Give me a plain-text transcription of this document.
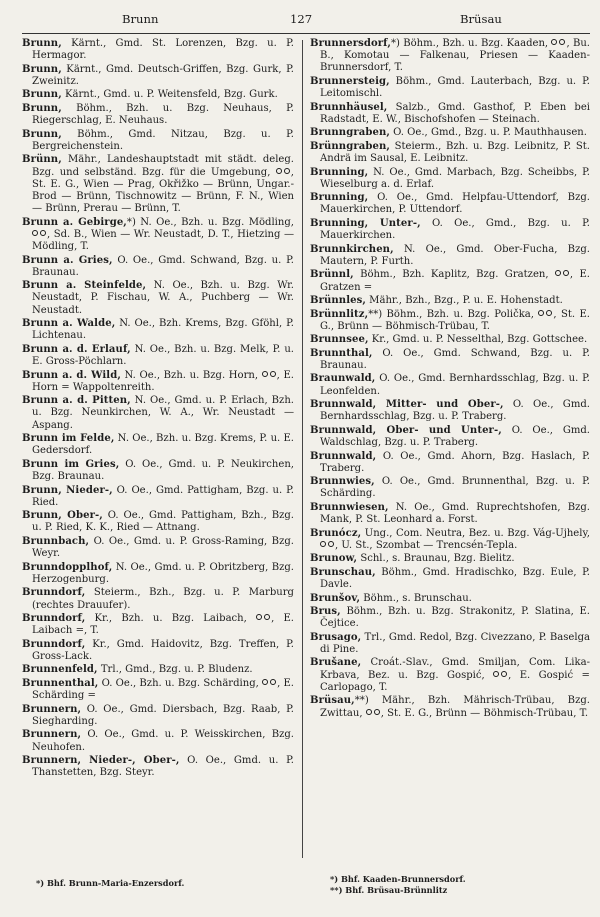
Brunn	127	Brüsau
Brunn, Kärnt., Gmd. St. Lorenzen, Bzg. u. P. Hermagor.
Brunn, Kärnt., Gmd. Deutsch-Griffen, Bzg. Gurk, P. Zweinitz.
Brunn, Kärnt., Gmd. u. P. Weitensfeld, Bzg. Gurk.
Brunn, Böhm., Bzh. u. Bzg. Neuhaus, P. Riegerschlag, E. Neuhaus.
Brunn, Böhm., Gmd. Nitzau, Bzg. u. P. Bergreichenstein.
Brünn, Mähr., Landeshauptstadt mit städt. deleg. Bzg. und selbständ. Bzg. für die Umgebung, , St. E. G., Wien — Prag, Okřižko — Brünn, Ungar.-Brod — Brünn, Tischnowitz — Brünn, F. N., Wien — Brünn, Prerau — Brünn, T.
Brunn a. Gebirge,*) N. Oe., Bzh. u. Bzg. Mödling, , Sd. B., Wien — Wr. Neustadt, D. T., Hietzing — Mödling, T.
Brunn a. Gries, O. Oe., Gmd. Schwand, Bzg. u. P. Braunau.
Brunn a. Steinfelde, N. Oe., Bzh. u. Bzg. Wr. Neustadt, P. Fischau, W. A., Puchberg — Wr. Neustadt.
Brunn a. Walde, N. Oe., Bzh. Krems, Bzg. Gföhl, P. Lichtenau.
Brunn a. d. Erlauf, N. Oe., Bzh. u. Bzg. Melk, P. u. E. Gross-Pöchlarn.
Brunn a. d. Wild, N. Oe., Bzh. u. Bzg. Horn, , E. Horn = Wappoltenreith.
Brunn a. d. Pitten, N. Oe., Gmd. u. P. Erlach, Bzh. u. Bzg. Neunkirchen, W. A., Wr. Neustadt — Aspang.
Brunn im Felde, N. Oe., Bzh. u. Bzg. Krems, P. u. E. Gedersdorf.
Brunn im Gries, O. Oe., Gmd. u. P. Neukirchen, Bzg. Braunau.
Brunn, Nieder-, O. Oe., Gmd. Pattigham, Bzg. u. P. Ried.
Brunn, Ober-, O. Oe., Gmd. Pattigham, Bzh., Bzg. u. P. Ried, K. K., Ried — Attnang.
Brunnbach, O. Oe., Gmd. u. P. Gross-Raming, Bzg. Weyr.
Brunndopplhof, N. Oe., Gmd. u. P. Obritzberg, Bzg. Herzogenburg.
Brunndorf, Steierm., Bzh., Bzg. u. P. Marburg (rechtes Drauufer).
Brunndorf, Kr., Bzh. u. Bzg. Laibach, , E. Laibach =, T.
Brunndorf, Kr., Gmd. Haidovitz, Bzg. Treffen, P. Gross-Lack.
Brunnenfeld, Trl., Gmd., Bzg. u. P. Bludenz.
Brunnenthal, O. Oe., Bzh. u. Bzg. Schärding, , E. Schärding =
Brunnern, O. Oe., Gmd. Diersbach, Bzg. Raab, P. Siegharding.
Brunnern, O. Oe., Gmd. u. P. Weisskirchen, Bzg. Neuhofen.
Brunnern, Nieder-, Ober-, O. Oe., Gmd. u. P. Thanstetten, Bzg. Steyr.
Brunnersdorf,*) Böhm., Bzh. u. Bzg. Kaaden, , Bu. B., Komotau — Falkenau, Priesen — Kaaden-Brunnersdorf, T.
Brunnersteig, Böhm., Gmd. Lauterbach, Bzg. u. P. Leitomischl.
Brunnhäusel, Salzb., Gmd. Gasthof, P. Eben bei Radstadt, E. W., Bischofshofen — Steinach.
Brunngraben, O. Oe., Gmd., Bzg. u. P. Mauthhausen.
Brünngraben, Steierm., Bzh. u. Bzg. Leibnitz, P. St. Andrä im Sausal, E. Leibnitz.
Brunning, N. Oe., Gmd. Marbach, Bzg. Scheibbs, P. Wieselburg a. d. Erlaf.
Brunning, O. Oe., Gmd. Helpfau-Uttendorf, Bzg. Mauerkirchen, P. Uttendorf.
Brunning, Unter-, O. Oe., Gmd., Bzg. u. P. Mauerkirchen.
Brunnkirchen, N. Oe., Gmd. Ober-Fucha, Bzg. Mautern, P. Furth.
Brünnl, Böhm., Bzh. Kaplitz, Bzg. Gratzen, , E. Gratzen =
Brünnles, Mähr., Bzh., Bzg., P. u. E. Hohenstadt.
Brünnlitz,**) Böhm., Bzh. u. Bzg. Polička, , St. E. G., Brünn — Böhmisch-Trübau, T.
Brunnsee, Kr., Gmd. u. P. Nesselthal, Bzg. Gottschee.
Brunnthal, O. Oe., Gmd. Schwand, Bzg. u. P. Braunau.
Braunwald, O. Oe., Gmd. Bernhardsschlag, Bzg. u. P. Leonfelden.
Brunnwald, Mitter- und Ober-, O. Oe., Gmd. Bernhardsschlag, Bzg. u. P. Traberg.
Brunnwald, Ober- und Unter-, O. Oe., Gmd. Waldschlag, Bzg. u. P. Traberg.
Brunnwald, O. Oe., Gmd. Ahorn, Bzg. Haslach, P. Traberg.
Brunnwies, O. Oe., Gmd. Brunnenthal, Bzg. u. P. Schärding.
Brunnwiesen, N. Oe., Gmd. Ruprechtshofen, Bzg. Mank, P. St. Leonhard a. Forst.
Brunócz, Ung., Com. Neutra, Bez. u. Bzg. Vág-Ujhely, , U. St., Szombat — Trencsén-Tepla.
Brunow, Schl., s. Braunau, Bzg. Bielitz.
Brunschau, Böhm., Gmd. Hradischko, Bzg. Eule, P. Davle.
Brunšov, Böhm., s. Brunschau.
Brus, Böhm., Bzh. u. Bzg. Strakonitz, P. Slatina, E. Čejtice.
Brusago, Trl., Gmd. Redol, Bzg. Civezzano, P. Baselga di Pine.
Brušane, Croát.-Slav., Gmd. Smiljan, Com. Lika-Krbava, Bez. u. Bzg. Gospić, , E. Gospić = Carlopago, T.
Brüsau,**) Mähr., Bzh. Mährisch-Trübau, Bzg. Zwittau, , St. E. G., Brünn — Böhmisch-Trübau, T.
*) Bhf. Brunn-Maria-Enzersdorf.	*) Bhf. Kaaden-Brunnersdorf.
**) Bhf. Brüsau-Brünnlitz
